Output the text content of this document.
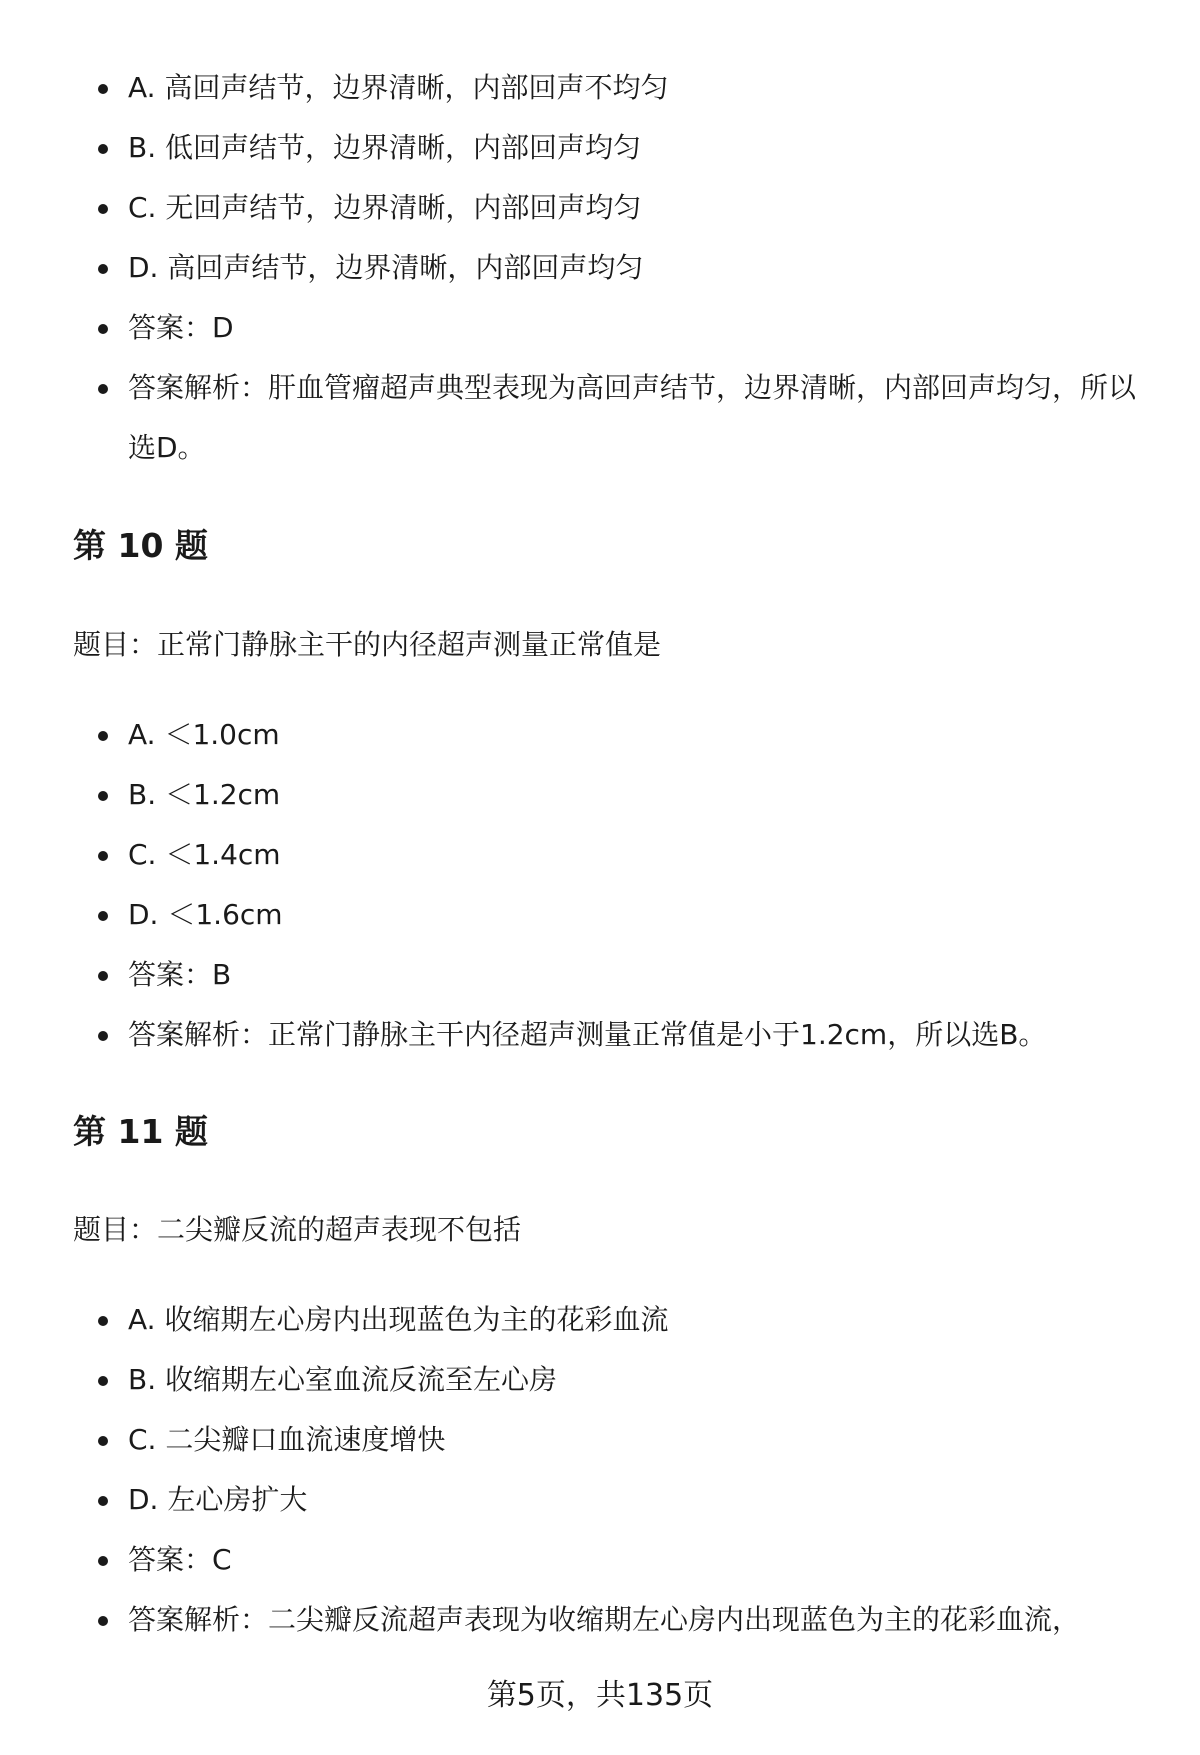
A. 高回声结节，边界清晰，内部回声不均匀
B. 低回声结节，边界清晰，内部回声均匀
C. 无回声结节，边界清晰，内部回声均匀
D. 高回声结节，边界清晰，内部回声均匀
答案：D
答案解析：肝血管瘤超声典型表现为高回声结节，边界清晰，内部回声均匀，所以选D。
第 10 题

题目：正常门静脉主干的内径超声测量正常值是

A. ＜1.0cm
B. ＜1.2cm
C. ＜1.4cm
D. ＜1.6cm
答案：B
答案解析：正常门静脉主干内径超声测量正常值是小于1.2cm，所以选B。
第 11 题

题目：二尖瓣反流的超声表现不包括

A. 收缩期左心房内出现蓝色为主的花彩血流
B. 收缩期左心室血流反流至左心房
C. 二尖瓣口血流速度增快
D. 左心房扩大
答案：C
答案解析：二尖瓣反流超声表现为收缩期左心房内出现蓝色为主的花彩血流，
第5页，共135页
